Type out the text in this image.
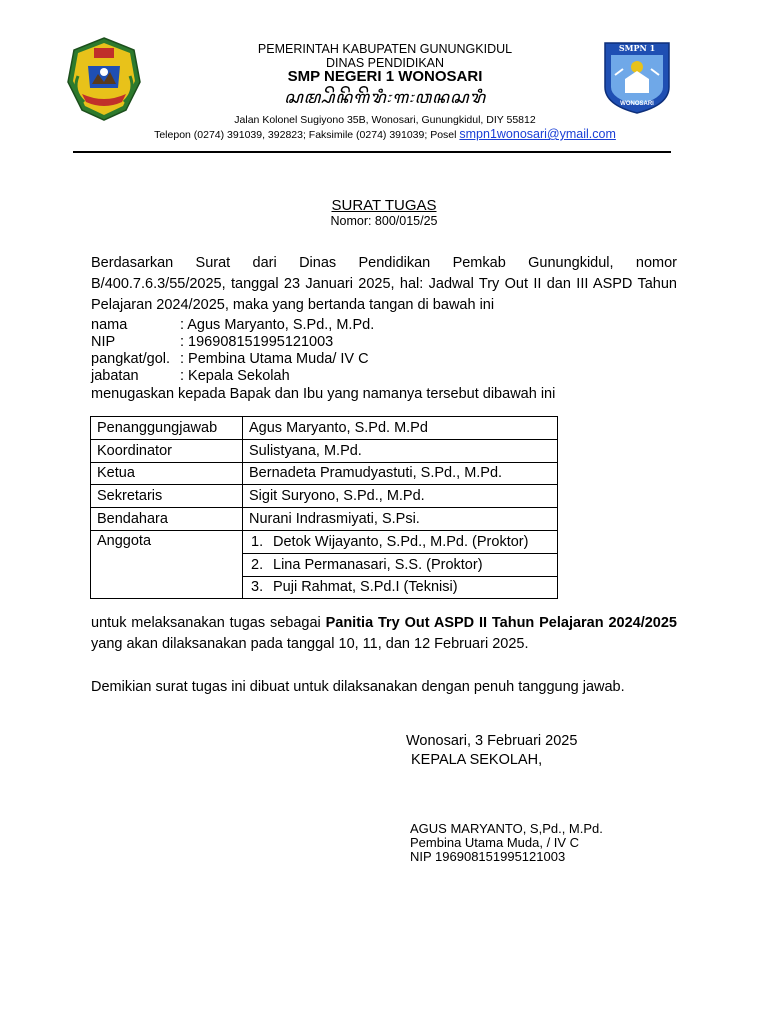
SMPN 1
WONOSARI
PEMERINTAH KABUPATEN GUNUNGKIDUL
DINAS PENDIDIKAN
SMP NEGERI 1 WONOSARI
ꦱꦩ꧀ꦥꦼꦤꦼꦒꦼꦫꦶ꧇꧑꧇ꦮꦤꦱꦫꦶ
Jalan Kolonel Sugiyono 35B, Wonosari, Gunungkidul, DIY 55812
Telepon (0274) 391039, 392823; Faksimile (0274) 391039; Posel smpn1wonosari@ymail.com
SURAT TUGAS
Nomor: 800/015/25
Berdasarkan Surat dari Dinas Pendidikan Pemkab Gunungkidul, nomor B/400.7.6.3/55/2025, tanggal 23 Januari 2025, hal: Jadwal Try Out II dan III ASPD Tahun Pelajaran 2024/2025, maka yang bertanda tangan di bawah ini
nama	: Agus Maryanto, S.Pd., M.Pd.
NIP	: 196908151995121003
pangkat/gol. : Pembina Utama Muda/ IV C
jabatan	: Kepala Sekolah
menugaskan kepada Bapak dan Ibu yang namanya tersebut dibawah ini
Penanggungjawab	Agus Maryanto, S.Pd. M.Pd
Koordinator	Sulistyana, M.Pd.
Ketua	Bernadeta Pramudyastuti, S.Pd., M.Pd.
Sekretaris	Sigit Suryono, S.Pd., M.Pd.
Bendahara	Nurani Indrasmiyati, S.Psi.
Anggota	1. Detok Wijayanto, S.Pd., M.Pd. (Proktor)
	2. Lina Permanasari, S.S. (Proktor)
	3. Puji Rahmat, S.Pd.I (Teknisi)
untuk melaksanakan tugas sebagai Panitia Try Out ASPD II Tahun Pelajaran 2024/2025 yang akan dilaksanakan pada tanggal 10, 11, dan 12 Februari 2025.
Demikian surat tugas ini dibuat untuk dilaksanakan dengan penuh tanggung jawab.
Wonosari, 3 Februari 2025
KEPALA SEKOLAH,
AGUS MARYANTO, S,Pd., M.Pd.
Pembina Utama Muda, / IV C
NIP 196908151995121003
